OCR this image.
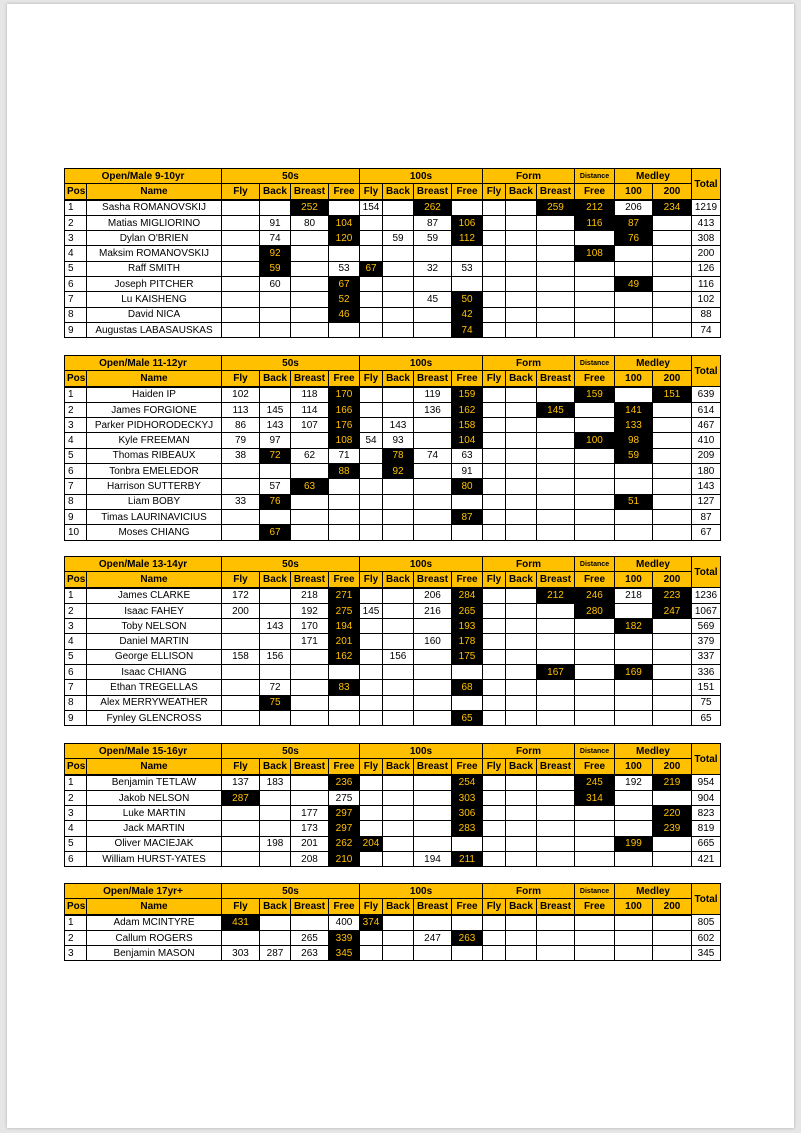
Open/Male 9-10yr		50s				100s				Form			Distance	Medley		Total
Pos	Name	Fly	Back	Breast	Free	Fly	Back	Breast	Free	Fly	Back	Breast	Free	100	200	
1	Sasha ROMANOVSKIJ			252		154		262				259	212	206	234	1219
2	Matias MIGLIORINO		91	80	104			87	106				116	87		413
3	Dylan O'BRIEN		74		120		59	59	112					76		308
4	Maksim ROMANOVSKIJ		92										108			200
5	Raff SMITH		59		53	67		32	53							126
6	Joseph PITCHER		60		67									49		116
7	Lu KAISHENG				52			45	50							102
8	David NICA				46				42							88
9	Augustas LABASAUSKAS								74							74
Open/Male 11-12yr		50s				100s				Form			Distance	Medley		Total
Pos	Name	Fly	Back	Breast	Free	Fly	Back	Breast	Free	Fly	Back	Breast	Free	100	200	
1	Haiden IP	102		118	170			119	159				159		151	639
2	James FORGIONE	113	145	114	166			136	162			145		141		614
3	Parker PIDHORODECKYJ	86	143	107	176		143		158					133		467
4	Kyle FREEMAN	79	97		108	54	93		104				100	98		410
5	Thomas RIBEAUX	38	72	62	71		78	74	63					59		209
6	Tonbra EMELEDOR				88		92		91							180
7	Harrison SUTTERBY		57	63					80							143
8	Liam BOBY	33	76											51		127
9	Timas LAURINAVICIUS								87							87
10	Moses CHIANG		67													67
Open/Male 13-14yr		50s				100s				Form			Distance	Medley		Total
Pos	Name	Fly	Back	Breast	Free	Fly	Back	Breast	Free	Fly	Back	Breast	Free	100	200	
1	James CLARKE	172		218	271			206	284			212	246	218	223	1236
2	Isaac FAHEY	200		192	275	145		216	265				280		247	1067
3	Toby NELSON		143	170	194				193					182		569
4	Daniel MARTIN			171	201			160	178							379
5	George ELLISON	158	156		162		156		175							337
6	Isaac CHIANG											167		169		336
7	Ethan TREGELLAS		72		83				68							151
8	Alex MERRYWEATHER		75													75
9	Fynley GLENCROSS								65							65
Open/Male 15-16yr		50s				100s				Form			Distance	Medley		Total
Pos	Name	Fly	Back	Breast	Free	Fly	Back	Breast	Free	Fly	Back	Breast	Free	100	200	
1	Benjamin TETLAW	137	183		236				254				245	192	219	954
2	Jakob NELSON	287			275				303				314			904
3	Luke MARTIN			177	297				306						220	823
4	Jack MARTIN			173	297				283						239	819
5	Oliver MACIEJAK		198	201	262	204								199		665
6	William HURST-YATES			208	210			194	211							421
Open/Male 17yr+		50s				100s				Form			Distance	Medley		Total
Pos	Name	Fly	Back	Breast	Free	Fly	Back	Breast	Free	Fly	Back	Breast	Free	100	200	
1	Adam MCINTYRE	431			400	374										805
2	Callum ROGERS			265	339			247	263							602
3	Benjamin MASON	303	287	263	345											345
